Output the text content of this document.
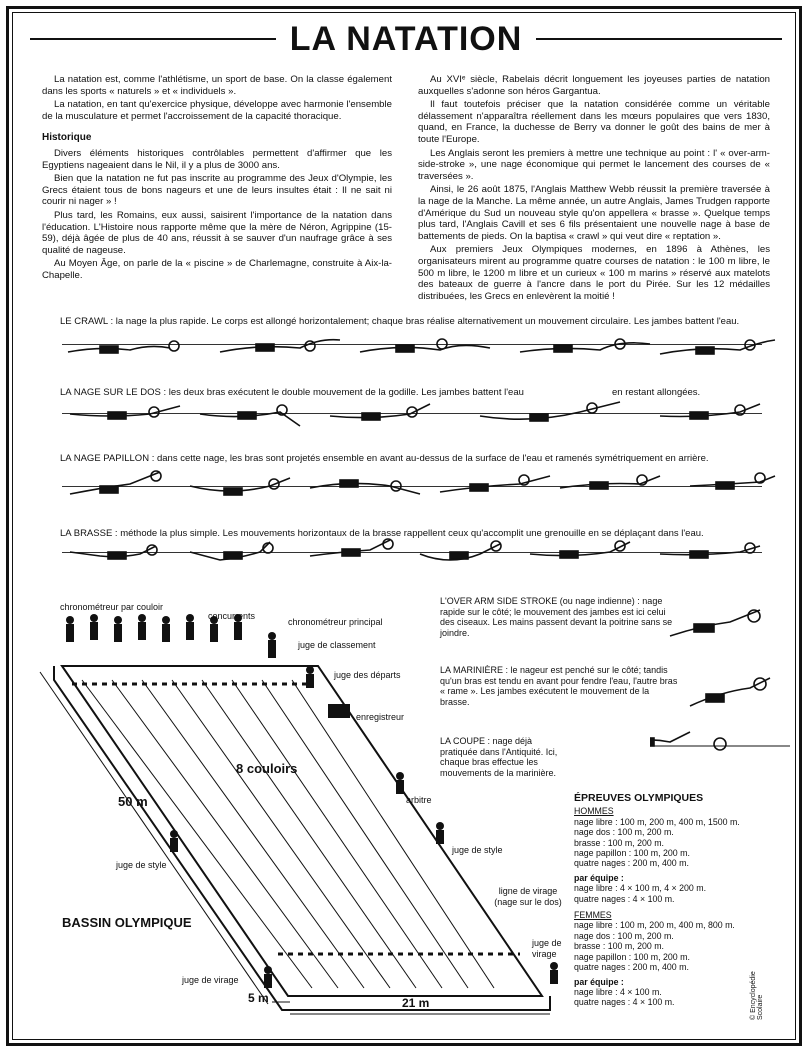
LA NATATION

La natation est, comme l'athlétisme, un sport de base. On la classe également dans les sports « naturels » et « individuels ».

La natation, en tant qu'exercice physique, développe avec harmonie l'ensemble de la musculature et permet l'accroissement de la capacité thoracique.

Historique

Divers éléments historiques contrôlables permettent d'affirmer que les Egyptiens nageaient dans le Nil, il y a plus de 3000 ans.

Bien que la natation ne fut pas inscrite au programme des Jeux d'Olympie, les Grecs étaient tous de bons nageurs et une de leurs insultes était : Il ne sait ni courir ni nager » !

Plus tard, les Romains, eux aussi, saisirent l'importance de la natation dans l'éducation. L'Histoire nous rapporte même que la mère de Néron, Agrippine (15-59), déjà âgée de plus de 40 ans, réussit à se sauver d'un naufrage grâce à ses qualité de nageuse.

Au Moyen Âge, on parle de la « piscine » de Charlemagne, construite à Aix-la-Chapelle.

Au XVIᵉ siècle, Rabelais décrit longuement les joyeuses parties de natation auxquelles s'adonne son héros Gargantua.

Il faut toutefois préciser que la natation considérée comme un véritable délassement n'apparaîtra réellement dans les mœurs populaires que vers 1830, quand, en France, la duchesse de Berry va donner le goût des bains de mer à toute l'Europe.

Les Anglais seront les premiers à mettre une technique au point : l' « over-arm-side-stroke », une nage économique qui permet le lancement des courses de « traversées ».

Ainsi, le 26 août 1875, l'Anglais Matthew Webb réussit la première traversée à la nage de la Manche. La même année, un autre Anglais, James Trudgen rapporte d'Amérique du Sud un nouveau style qu'on appellera « brasse ». Quelque temps plus tard, l'Anglais Cavill et ses 6 fils présentaient une nouvelle nage à base de battements de pieds. On la baptisa « crawl » qui veut dire « reptation ».

Aux premiers Jeux Olympiques modernes, en 1896 à Athènes, les organisateurs mirent au programme quatre courses de natation : le 100 m libre, le 500 m libre, le 1200 m libre et un curieux « 100 m marins » réservé aux matelots des bateaux de guerre à l'ancre dans le port du Pirée. Sur les 12 médailles distribuées, les Grecs en enlevèrent la moitié !

LE CRAWL : la nage la plus rapide. Le corps est allongé horizontalement; chaque bras réalise alternativement un mouvement circulaire. Les jambes battent l'eau.
LA NAGE SUR LE DOS : les deux bras exécutent le double mouvement de la godille. Les jambes battent l'eau	en restant allongées.
LA NAGE PAPILLON : dans cette nage, les bras sont projetés ensemble en avant au-dessus de la surface de l'eau et ramenés symétriquement en arrière.
LA BRASSE : méthode la plus simple. Les mouvements horizontaux de la brasse rappellent ceux qu'accomplit une grenouille en se déplaçant dans l'eau.
L'OVER ARM SIDE STROKE (ou nage indienne) : nage rapide sur le côté; le mouvement des jambes est ici celui des ciseaux. Les mains passent devant la poitrine sans se joindre.
LA MARINIÈRE : le nageur est penché sur le côté; tandis qu'un bras est tendu en avant pour fendre l'eau, l'autre bras « rame ». Les jambes exécutent le mouvement de la brasse.
LA COUPE : nage déjà pratiquée dans l'Antiquité. Ici, chaque bras effectue les mouvements de la marinière.
chronométreur par couloir
concurrents
chronométreur principal
juge de classement
juge des départs
enregistreur
8 couloirs
arbitre
50 m
juge de style
juge de style
ligne de virage (nage sur le dos)
juge de virage
juge de virage
BASSIN OLYMPIQUE
5 m	21 m
ÉPREUVES OLYMPIQUES
HOMMES
nage libre : 100 m, 200 m, 400 m, 1500 m.
nage dos : 100 m, 200 m.
brasse : 100 m, 200 m.
nage papillon : 100 m, 200 m.
quatre nages : 200 m, 400 m.
par équipe :
nage libre : 4 × 100 m, 4 × 200 m.
quatre nages : 4 × 100 m.
FEMMES
nage libre : 100 m, 200 m, 400 m, 800 m.
nage dos : 100 m, 200 m.
brasse : 100 m, 200 m.
nage papillon : 100 m, 200 m.
quatre nages : 200 m, 400 m.
par équipe :
nage libre : 4 × 100 m.
quatre nages : 4 × 100 m.	© Encyclopédie Scolaire
